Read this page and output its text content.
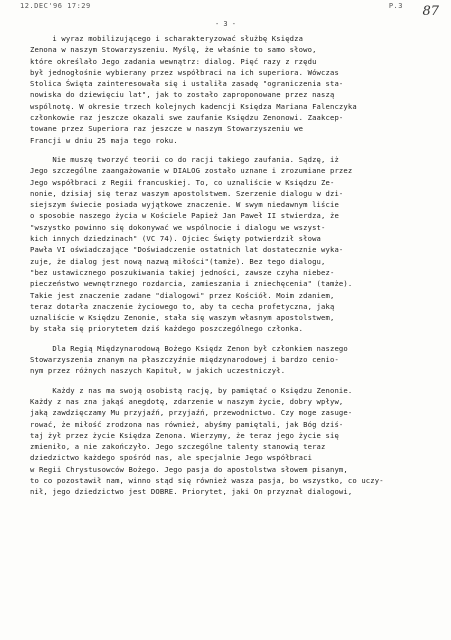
12.DEC'96 17:29	P.3 87
- 3 -
i wyraz mobilizującego i scharakteryzować służbę Księdza
Zenona w naszym Stowarzyszeniu. Myślę, że właśnie to samo słowo,
które określało Jego zadania wewnątrz: dialog. Pięć razy z rzędu
był jednogłośnie wybierany przez współbraci na ich superiora. Wówczas
Stolica Święta zainteresowała się i ustaliła zasadę "ograniczenia sta-
nowiska do dziewięciu lat", jak to zostało zaproponowane przez naszą
wspólnotę. W okresie trzech kolejnych kadencji Księdza Mariana Falenczyka
członkowie raz jeszcze okazali swe zaufanie Księdzu Zenonowi. Zaakcep-
towane przez Superiora raz jeszcze w naszym Stowarzyszeniu we
Francji w dniu 25 maja tego roku.
Nie muszę tworzyć teorii co do racji takiego zaufania. Sądzę, iż
Jego szczególne zaangażowanie w DIALOG zostało uznane i zrozumiane przez
Jego współbraci z Regii francuskiej. To, co uznaliście w Księdzu Ze-
nonie, dzisiaj się teraz waszym apostolstwem. Szerzenie dialogu w dzi-
siejszym świecie posiada wyjątkowe znaczenie. W swym niedawnym liście
o sposobie naszego życia w Kościele Papież Jan Paweł II stwierdza, że
"wszystko powinno się dokonywać we wspólnocie i dialogu we wszyst-
kich innych dziedzinach" (VC 74). Ojciec Święty potwierdził słowa
Pawła VI oświadczające "Doświadczenie ostatnich lat dostatecznie wyka-
zuje, że dialog jest nową nazwą miłości"(tamże). Bez tego dialogu,
"bez ustawicznego poszukiwania takiej jedności, zawsze czyha niebez-
pieczeństwo wewnętrznego rozdarcia, zamieszania i zniechęcenia" (tamże).
Takie jest znaczenie zadane "dialogowi" przez Kościół. Moim zdaniem,
teraz dotarła znaczenie życiowego to, aby ta cecha profetyczna, jaką
uznaliście w Księdzu Zenonie, stała się waszym własnym apostolstwem,
by stała się priorytetem dziś każdego poszczególnego członka.
Dla Regią Międzynarodową Bożego Księdz Zenon był członkiem naszego
Stowarzyszenia znanym na płaszczyźnie międzynarodowej i bardzo cenio-
nym przez różnych naszych Kapituł, w jakich uczestniczył.
Każdy z nas ma swoją osobistą rację, by pamiętać o Księdzu Zenonie.
Każdy z nas zna jakąś anegdotę, zdarzenie w naszym życie, dobry wpływ,
jaką zawdzięczamy Mu przyjaźń, przyjaźń, przewodnictwo. Czy moge zasuge-
rować, że miłość zrodzona nas również, abyśmy pamiętali, jak Bóg dziś-
taj żył przez życie Księdza Zenona. Wierzymy, że teraz jego życie się
zmieniło, a nie zakończyło. Jego szczególne talenty stanowią teraz
dziedzictwo każdego spośród nas, ale specjalnie Jego współbraci
w Regii Chrystusowców Bożego. Jego pasja do apostolstwa słowem pisanym,
to co pozostawił nam, winno stąd się również wasza pasja, bo wszystko, co uczy-
nił, jego dziedzictwo jest DOBRE. Priorytet, jaki On przyznał dialogowi,
